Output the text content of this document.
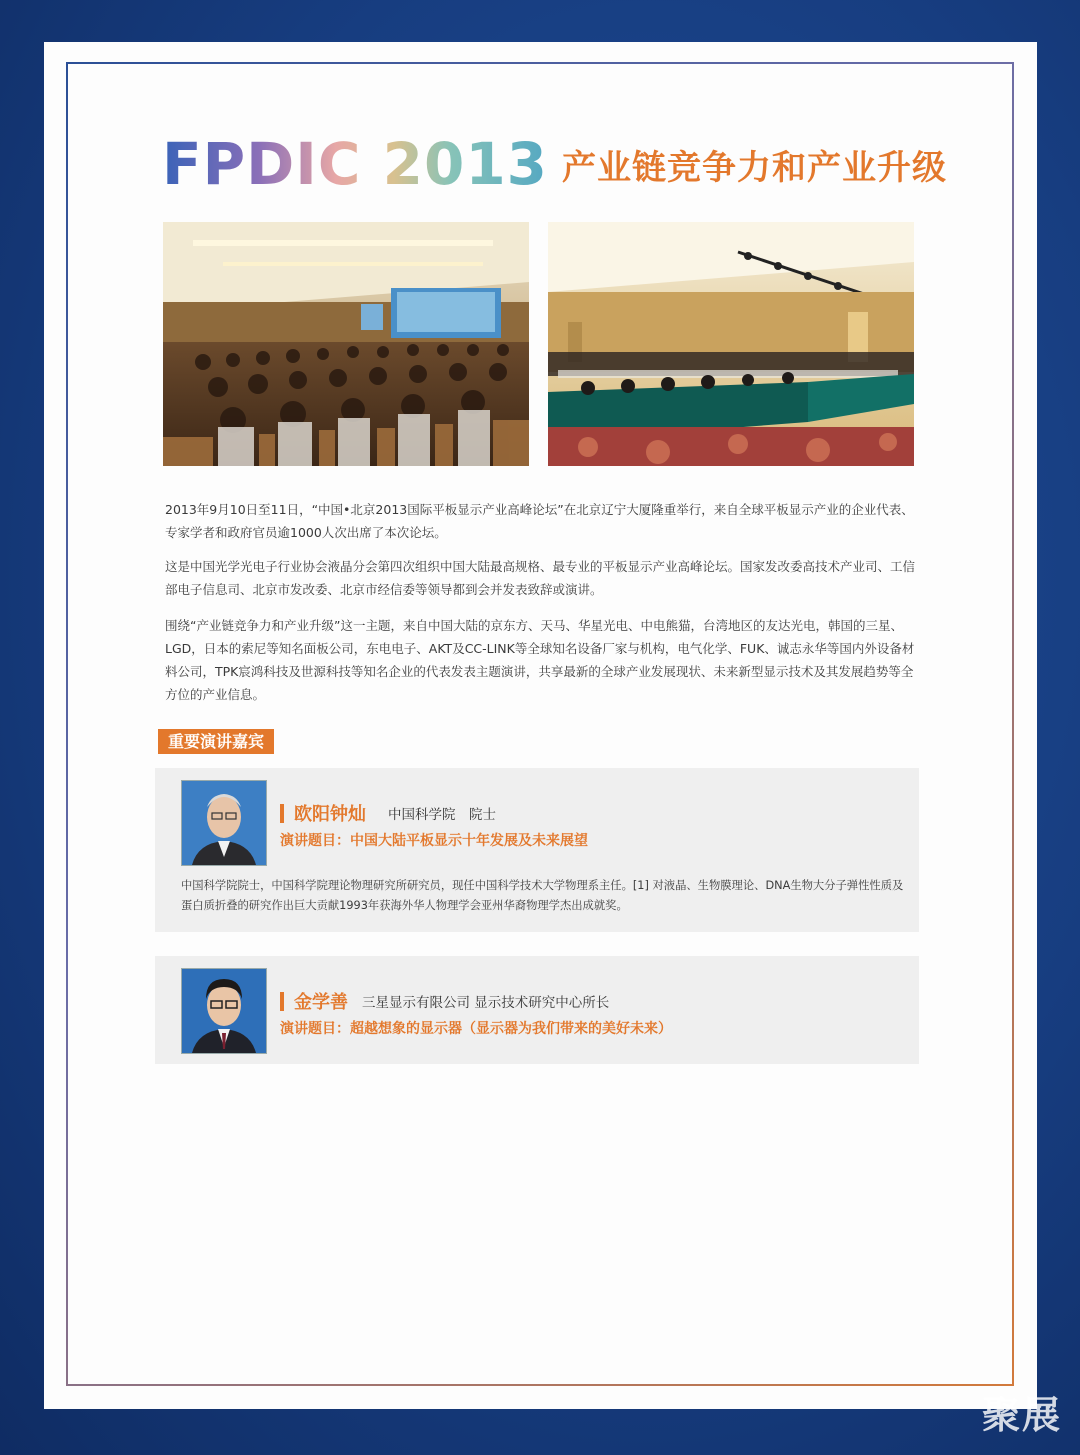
FPDIC 2013 产业链竞争力和产业升级

2013年9月10日至11日，“中国•北京2013国际平板显示产业高峰论坛”在北京辽宁大厦隆重举行，来自全球平板显示产业的企业代表、专家学者和政府官员逾1000人次出席了本次论坛。

这是中国光学光电子行业协会液晶分会第四次组织中国大陆最高规格、最专业的平板显示产业高峰论坛。国家发改委高技术产业司、工信部电子信息司、北京市发改委、北京市经信委等领导都到会并发表致辞或演讲。

围绕“产业链竞争力和产业升级”这一主题，来自中国大陆的京东方、天马、华星光电、中电熊猫，台湾地区的友达光电，韩国的三星、LGD，日本的索尼等知名面板公司，东电电子、AKT及CC-LINK等全球知名设备厂家与机构，电气化学、FUK、诚志永华等国内外设备材料公司，TPK宸鸿科技及世源科技等知名企业的代表发表主题演讲，共享最新的全球产业发展现状、未来新型显示技术及其发展趋势等全方位的产业信息。

重要演讲嘉宾
欧阳钟灿 中国科学院　院士
演讲题目：中国大陆平板显示十年发展及未来展望
中国科学院院士，中国科学院理论物理研究所研究员，现任中国科学技术大学物理系主任。[1] 对液晶、生物膜理论、DNA生物大分子弹性性质及蛋白质折叠的研究作出巨大贡献1993年获海外华人物理学会亚州华裔物理学杰出成就奖。
金学善 三星显示有限公司 显示技术研究中心所长
演讲题目：超越想象的显示器（显示器为我们带来的美好未来）
聚展
